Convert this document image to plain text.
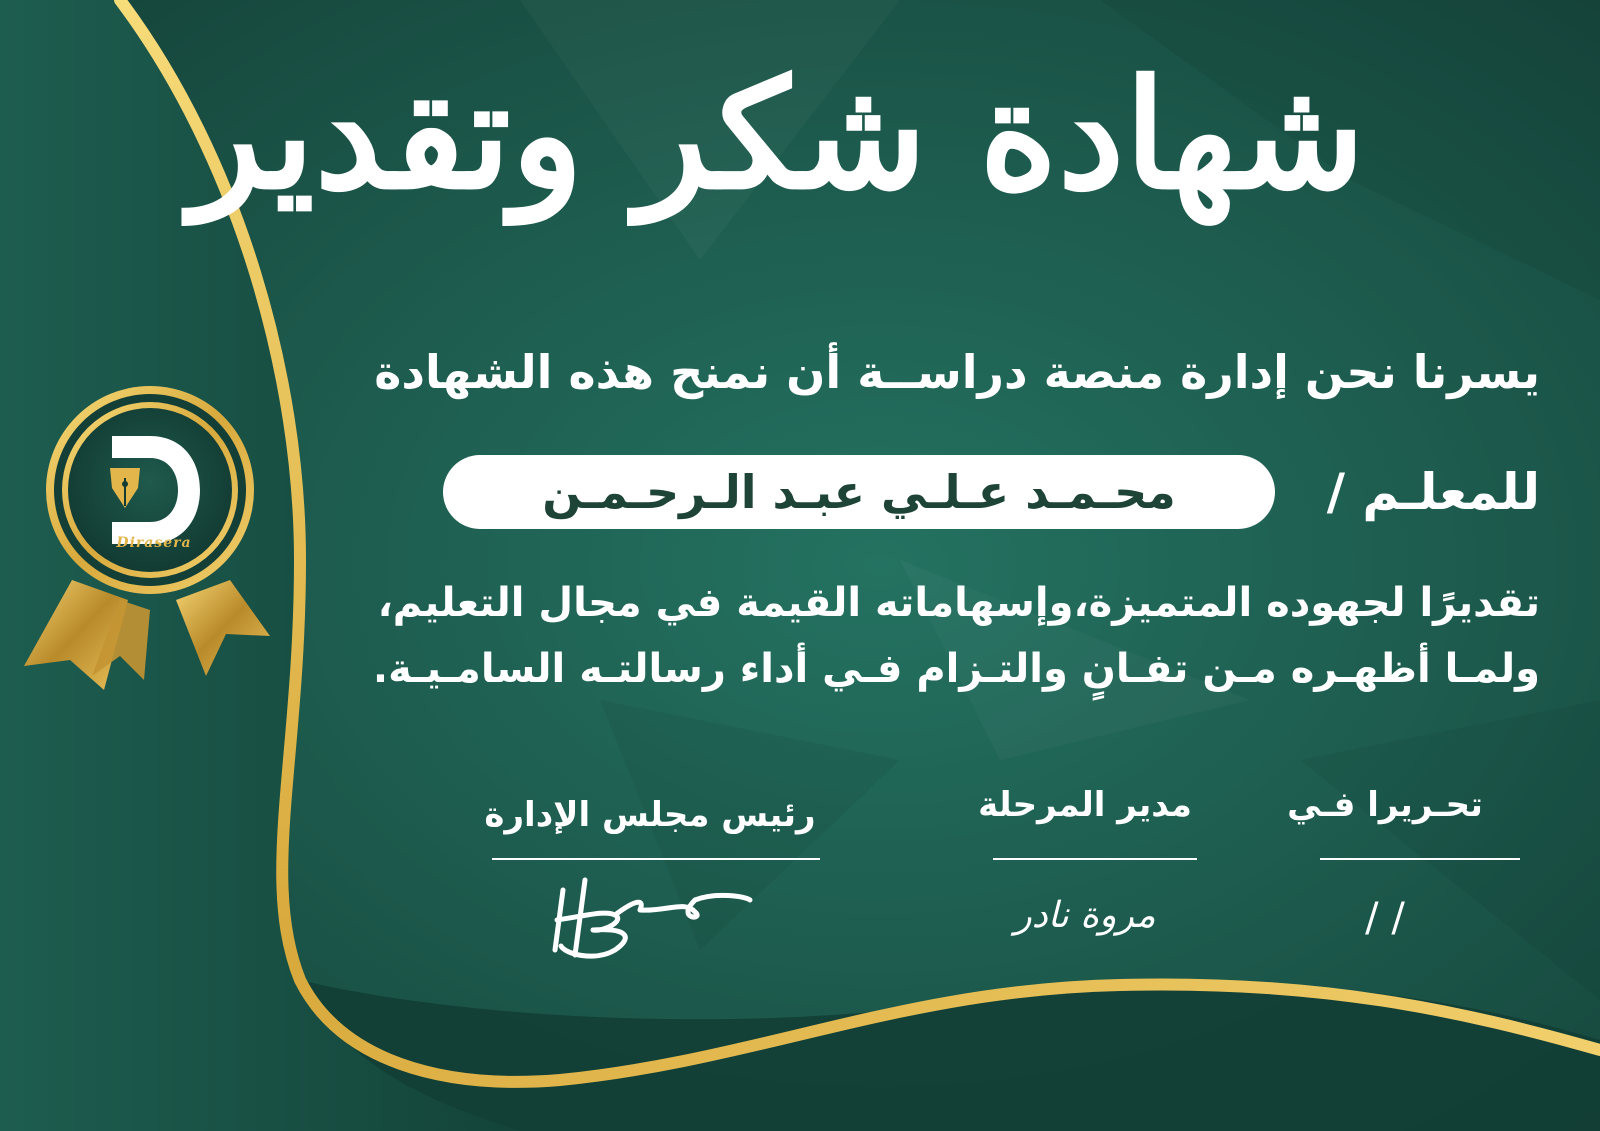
Dirasera
شهادة شكر وتقدير
يسرنا نحن إدارة منصة دراســة أن نمنح هذه الشهادة
للمعلـم /
محـمـد عـلـي عبـد الـرحـمـن
تقديرًا لجهوده المتميزة،وإسهاماته القيمة في مجال التعليم،
ولمـا أظهـره مـن تفـانٍ والتـزام فـي أداء رسالتـه السامـيـة.
تحـريرا فـي
/ /
مدير المرحلة
مروة نادر
رئيس مجلس الإدارة
